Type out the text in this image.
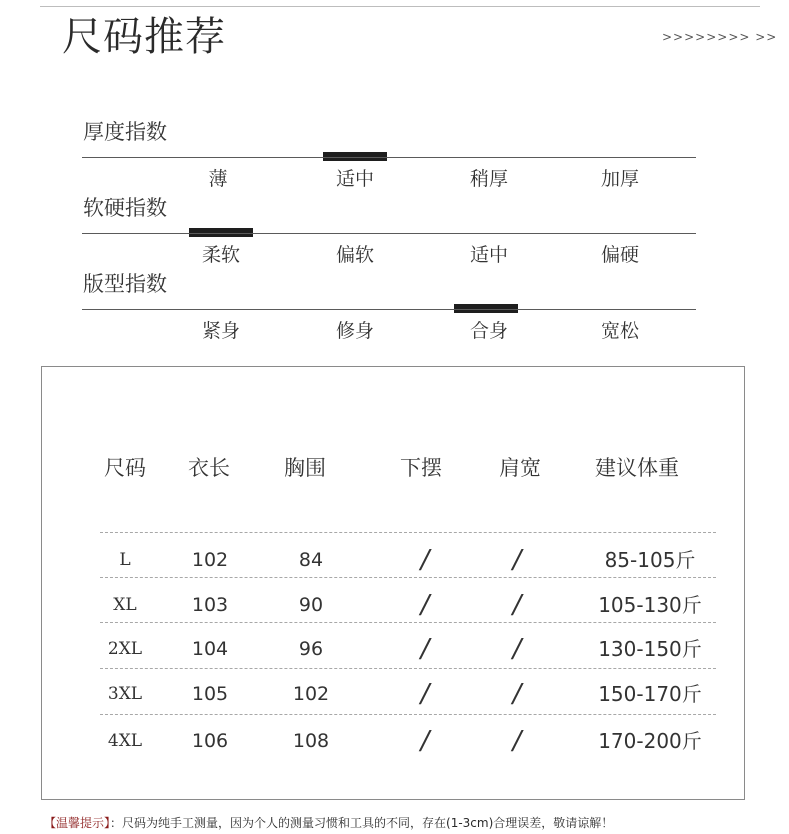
尺码推荐	>>>>>>>> >>
厚度指数
薄	适中	稍厚	加厚
软硬指数
柔软	偏软	适中	偏硬
版型指数
紧身	修身	合身	宽松
尺码 衣长	胸围	下摆	肩宽	建议体重
L	102	84	/	/	85-105斤
XL	103	90	/	/	105-130斤
2XL	104	96	/	/	130-150斤
3XL	105	102	/	/	150-170斤
4XL	106	108	/	/	170-200斤
【温馨提示】：尺码为纯手工测量，因为个人的测量习惯和工具的不同，存在(1-3cm)合理误差，敬请谅解！
